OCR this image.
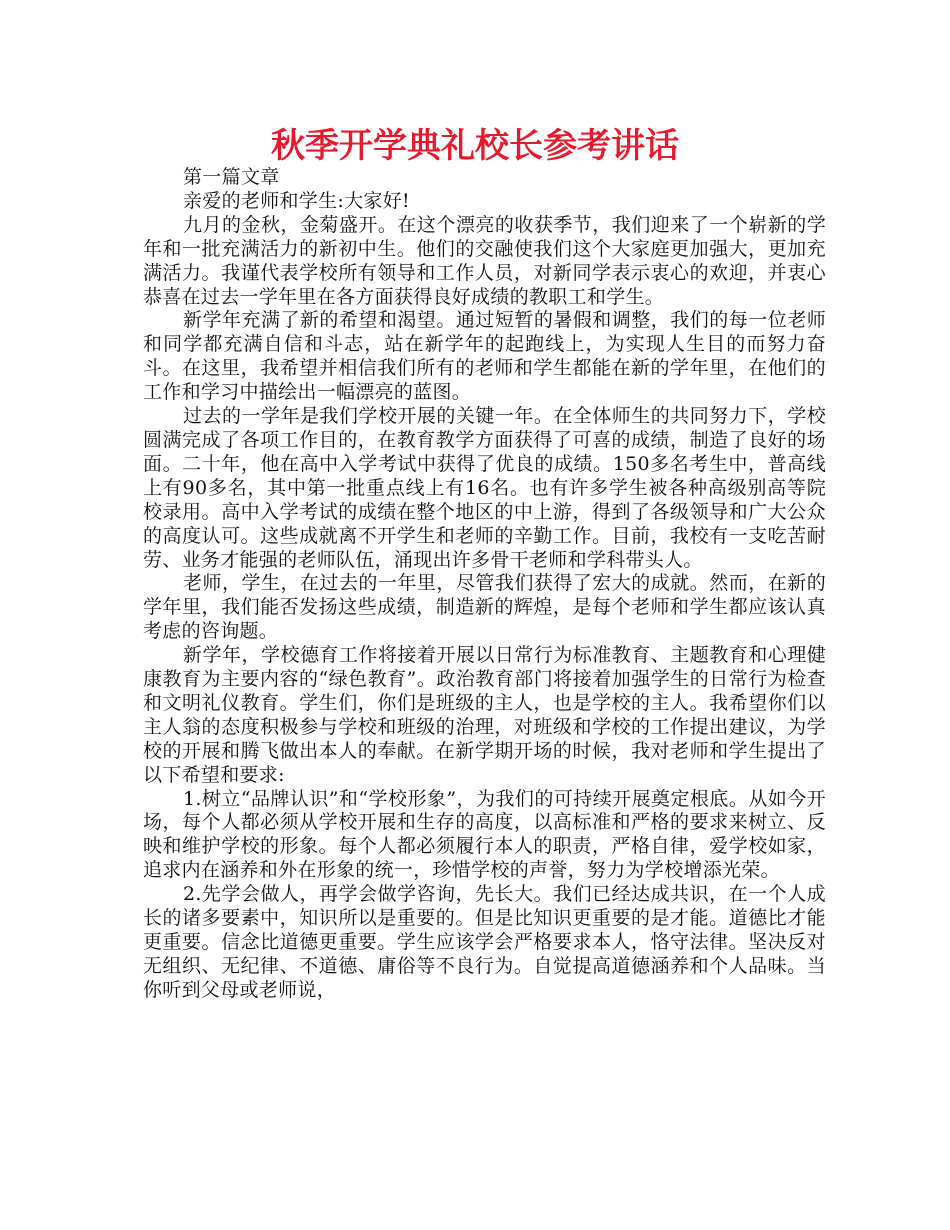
秋季开学典礼校长参考讲话

第一篇文章

亲爱的老师和学生:大家好!

九月的金秋，金菊盛开。在这个漂亮的收获季节，我们迎来了一个崭新的学年和一批充满活力的新初中生。他们的交融使我们这个大家庭更加强大，更加充满活力。我谨代表学校所有领导和工作人员，对新同学表示衷心的欢迎，并衷心恭喜在过去一学年里在各方面获得良好成绩的教职工和学生。

新学年充满了新的希望和渴望。通过短暂的暑假和调整，我们的每一位老师和同学都充满自信和斗志，站在新学年的起跑线上，为实现人生目的而努力奋斗。在这里，我希望并相信我们所有的老师和学生都能在新的学年里，在他们的工作和学习中描绘出一幅漂亮的蓝图。

过去的一学年是我们学校开展的关键一年。在全体师生的共同努力下，学校圆满完成了各项工作目的，在教育教学方面获得了可喜的成绩，制造了良好的场面。二十年，他在高中入学考试中获得了优良的成绩。150多名考生中，普高线上有90多名，其中第一批重点线上有16名。也有许多学生被各种高级别高等院校录用。高中入学考试的成绩在整个地区的中上游，得到了各级领导和广大公众的高度认可。这些成就离不开学生和老师的辛勤工作。目前，我校有一支吃苦耐劳、业务才能强的老师队伍，涌现出许多骨干老师和学科带头人。

老师，学生，在过去的一年里，尽管我们获得了宏大的成就。然而，在新的学年里，我们能否发扬这些成绩，制造新的辉煌，是每个老师和学生都应该认真考虑的咨询题。

新学年，学校德育工作将接着开展以日常行为标准教育、主题教育和心理健康教育为主要内容的“绿色教育”。政治教育部门将接着加强学生的日常行为检查和文明礼仪教育。学生们，你们是班级的主人，也是学校的主人。我希望你们以主人翁的态度积极参与学校和班级的治理，对班级和学校的工作提出建议，为学校的开展和腾飞做出本人的奉献。在新学期开场的时候，我对老师和学生提出了以下希望和要求:

1.树立“品牌认识”和“学校形象”，为我们的可持续开展奠定根底。从如今开场，每个人都必须从学校开展和生存的高度，以高标准和严格的要求来树立、反映和维护学校的形象。每个人都必须履行本人的职责，严格自律，爱学校如家，追求内在涵养和外在形象的统一，珍惜学校的声誉，努力为学校增添光荣。

2.先学会做人，再学会做学咨询，先长大。我们已经达成共识，在一个人成长的诸多要素中，知识所以是重要的。但是比知识更重要的是才能。道德比才能更重要。信念比道德更重要。学生应该学会严格要求本人，恪守法律。坚决反对无组织、无纪律、不道德、庸俗等不良行为。自觉提高道德涵养和个人品味。当你听到父母或老师说，
